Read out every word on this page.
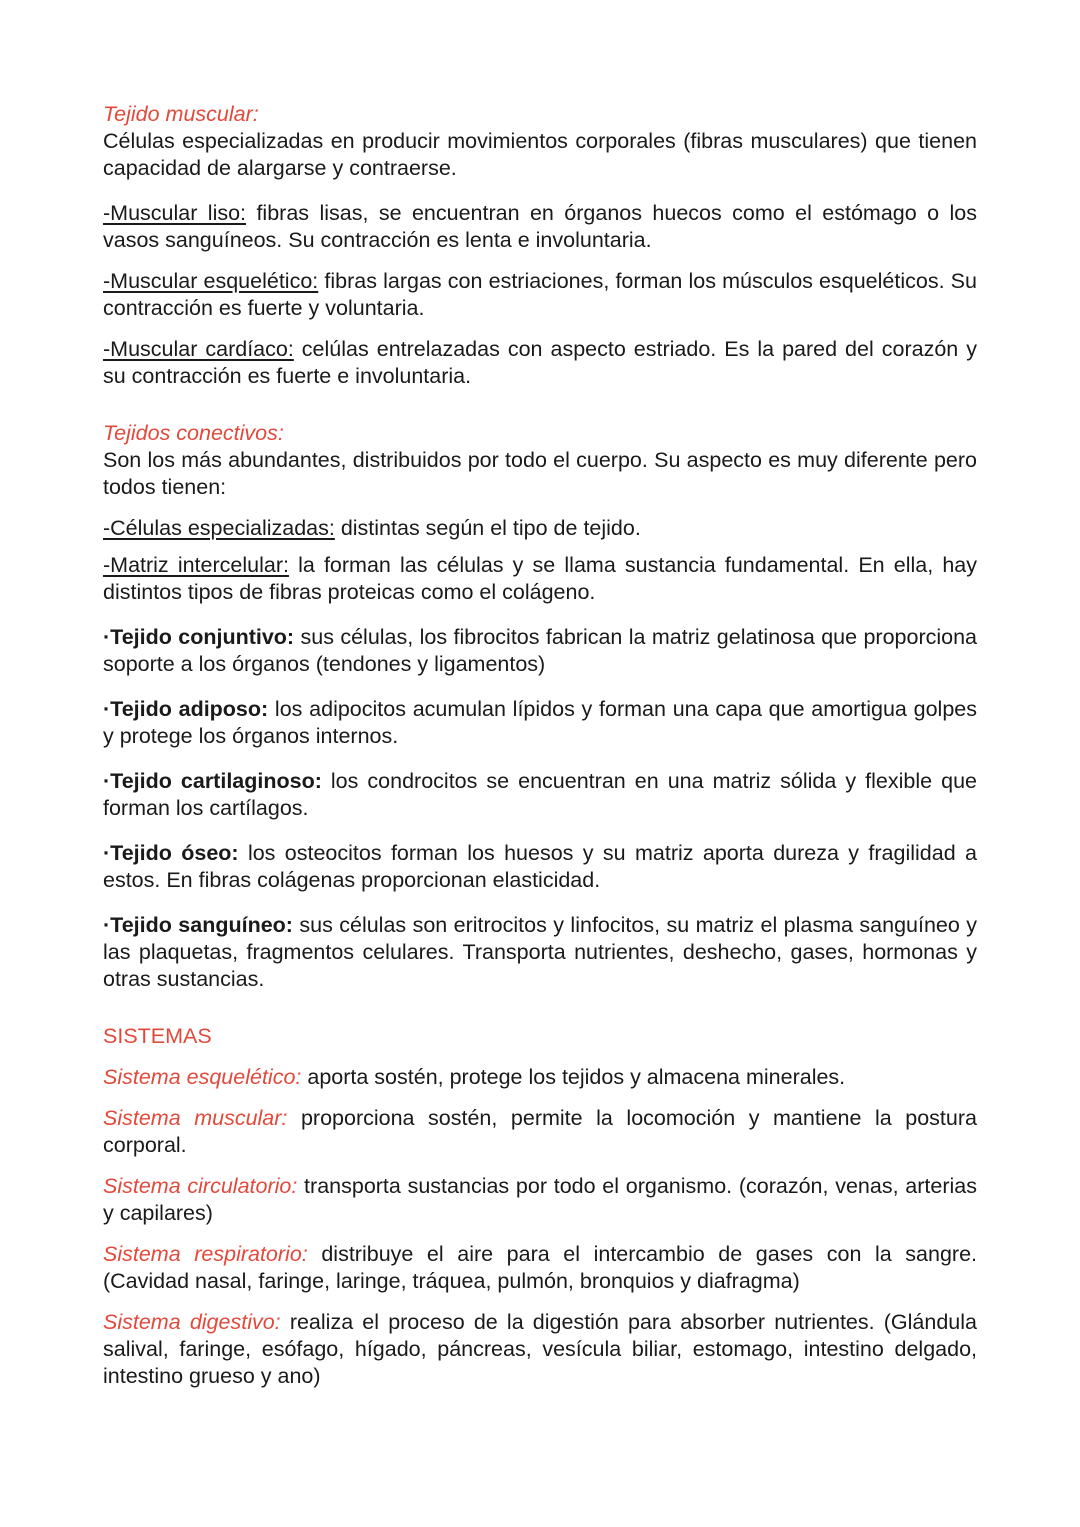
Tejido muscular:

Células especializadas en producir movimientos corporales (fibras musculares) que tienen capacidad de alargarse y contraerse.

-Muscular liso: fibras lisas, se encuentran en órganos huecos como el estómago o los vasos sanguíneos. Su contracción es lenta e involuntaria.

-Muscular esquelético: fibras largas con estriaciones, forman los músculos esqueléticos. Su contracción es fuerte y voluntaria.

-Muscular cardíaco: celúlas entrelazadas con aspecto estriado. Es la pared del corazón y su contracción es fuerte e involuntaria.

Tejidos conectivos:

Son los más abundantes, distribuidos por todo el cuerpo. Su aspecto es muy diferente pero todos tienen:

-Células especializadas: distintas según el tipo de tejido.

-Matriz intercelular: la forman las células y se llama sustancia fundamental. En ella, hay distintos tipos de fibras proteicas como el colágeno.

·Tejido conjuntivo: sus células, los fibrocitos fabrican la matriz gelatinosa que proporciona soporte a los órganos (tendones y ligamentos)

·Tejido adiposo: los adipocitos acumulan lípidos y forman una capa que amortigua golpes y protege los órganos internos.

·Tejido cartilaginoso: los condrocitos se encuentran en una matriz sólida y flexible que forman los cartílagos.

·Tejido óseo: los osteocitos forman los huesos y su matriz aporta dureza y fragilidad a estos. En fibras colágenas proporcionan elasticidad.

·Tejido sanguíneo: sus células son eritrocitos y linfocitos, su matriz el plasma sanguíneo y las plaquetas, fragmentos celulares. Transporta nutrientes, deshecho, gases, hormonas y otras sustancias.

SISTEMAS

Sistema esquelético: aporta sostén, protege los tejidos y almacena minerales.

Sistema muscular: proporciona sostén, permite la locomoción y mantiene la postura corporal.

Sistema circulatorio: transporta sustancias por todo el organismo. (corazón, venas, arterias y capilares)

Sistema respiratorio: distribuye el aire para el intercambio de gases con la sangre. (Cavidad nasal, faringe, laringe, tráquea, pulmón, bronquios y diafragma)

Sistema digestivo: realiza el proceso de la digestión para absorber nutrientes. (Glándula salival, faringe, esófago, hígado, páncreas, vesícula biliar, estomago, intestino delgado, intestino grueso y ano)
